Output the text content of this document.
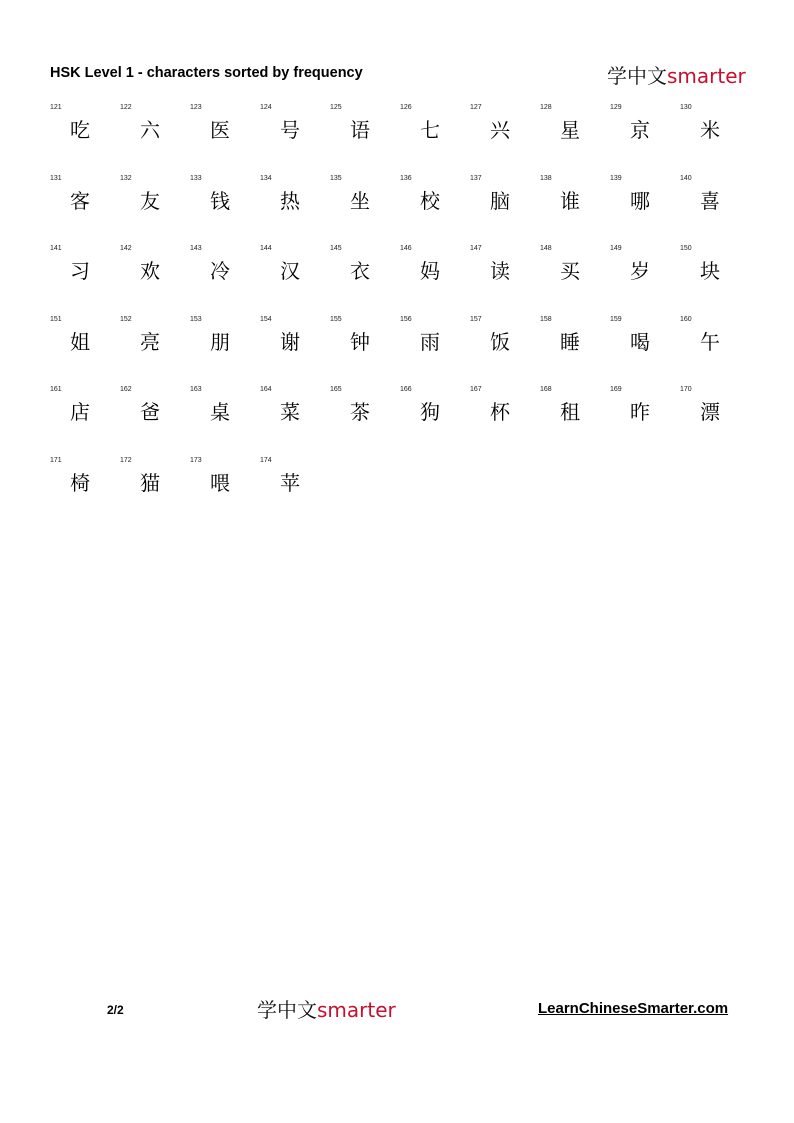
HSK Level 1 - characters sorted by frequency	学中文smarter
121
吃
122
六
123
医
124
号
125
语
126
七
127
兴
128
星
129
京
130
米
131
客
132
友
133
钱
134
热
135
坐
136
校
137
脑
138
谁
139
哪
140
喜
141
习
142
欢
143
冷
144
汉
145
衣
146
妈
147
读
148
买
149
岁
150
块
151
姐
152
亮
153
朋
154
谢
155
钟
156
雨
157
饭
158
睡
159
喝
160
午
161
店
162
爸
163
桌
164
菜
165
茶
166
狗
167
杯
168
租
169
昨
170
漂
171
椅
172
猫
173
喂
174
苹
2/2	学中文smarter	LearnChineseSmarter.com
